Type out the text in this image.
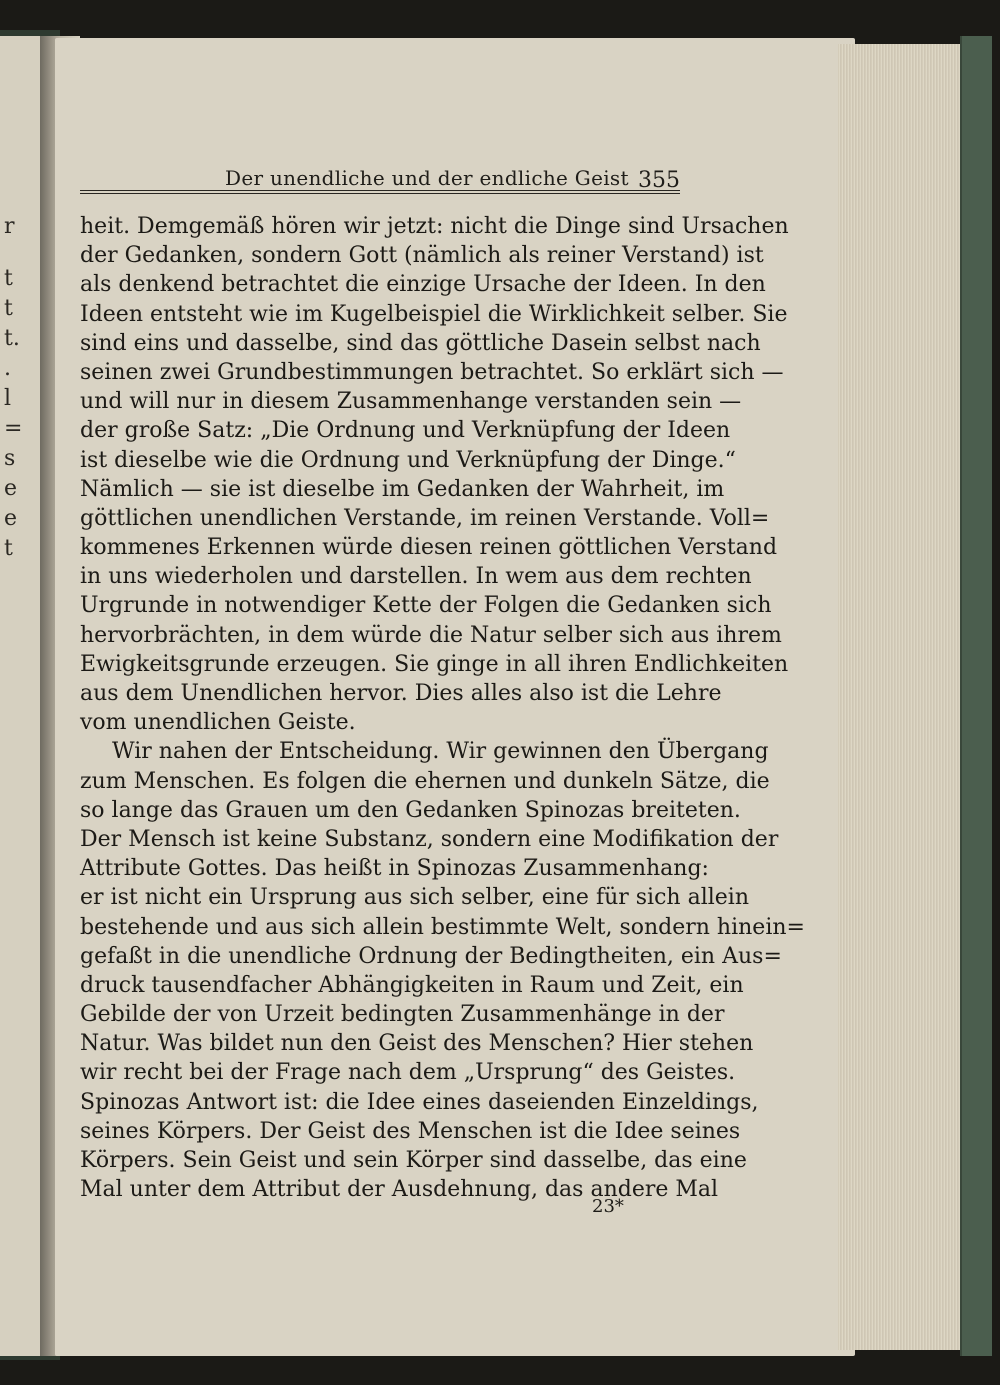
r
t
t
t.
.
l
=
s
e
e
t
Der unendliche und der endliche Geist 355
heit. Demgemäß hören wir jetzt: nicht die Dinge sind Ursachen
der Gedanken, sondern Gott (nämlich als reiner Verstand) ist
als denkend betrachtet die einzige Ursache der Ideen. In den
Ideen entsteht wie im Kugelbeispiel die Wirklichkeit selber. Sie
sind eins und dasselbe, sind das göttliche Dasein selbst nach
seinen zwei Grundbestimmungen betrachtet. So erklärt sich —
und will nur in diesem Zusammenhange verstanden sein —
der große Satz: „Die Ordnung und Verknüpfung der Ideen
ist dieselbe wie die Ordnung und Verknüpfung der Dinge.“
Nämlich — sie ist dieselbe im Gedanken der Wahrheit, im
göttlichen unendlichen Verstande, im reinen Verstande. Voll=
kommenes Erkennen würde diesen reinen göttlichen Verstand
in uns wiederholen und darstellen. In wem aus dem rechten
Urgrunde in notwendiger Kette der Folgen die Gedanken sich
hervorbrächten, in dem würde die Natur selber sich aus ihrem
Ewigkeitsgrunde erzeugen. Sie ginge in all ihren Endlichkeiten
aus dem Unendlichen hervor. Dies alles also ist die Lehre
vom unendlichen Geiste.
Wir nahen der Entscheidung. Wir gewinnen den Übergang
zum Menschen. Es folgen die ehernen und dunkeln Sätze, die
so lange das Grauen um den Gedanken Spinozas breiteten.
Der Mensch ist keine Substanz, sondern eine Modifikation der
Attribute Gottes. Das heißt in Spinozas Zusammenhang:
er ist nicht ein Ursprung aus sich selber, eine für sich allein
bestehende und aus sich allein bestimmte Welt, sondern hinein=
gefaßt in die unendliche Ordnung der Bedingtheiten, ein Aus=
druck tausendfacher Abhängigkeiten in Raum und Zeit, ein
Gebilde der von Urzeit bedingten Zusammenhänge in der
Natur. Was bildet nun den Geist des Menschen? Hier stehen
wir recht bei der Frage nach dem „Ursprung“ des Geistes.
Spinozas Antwort ist: die Idee eines daseienden Einzeldings,
seines Körpers. Der Geist des Menschen ist die Idee seines
Körpers. Sein Geist und sein Körper sind dasselbe, das eine
Mal unter dem Attribut der Ausdehnung, das andere Mal
23*
